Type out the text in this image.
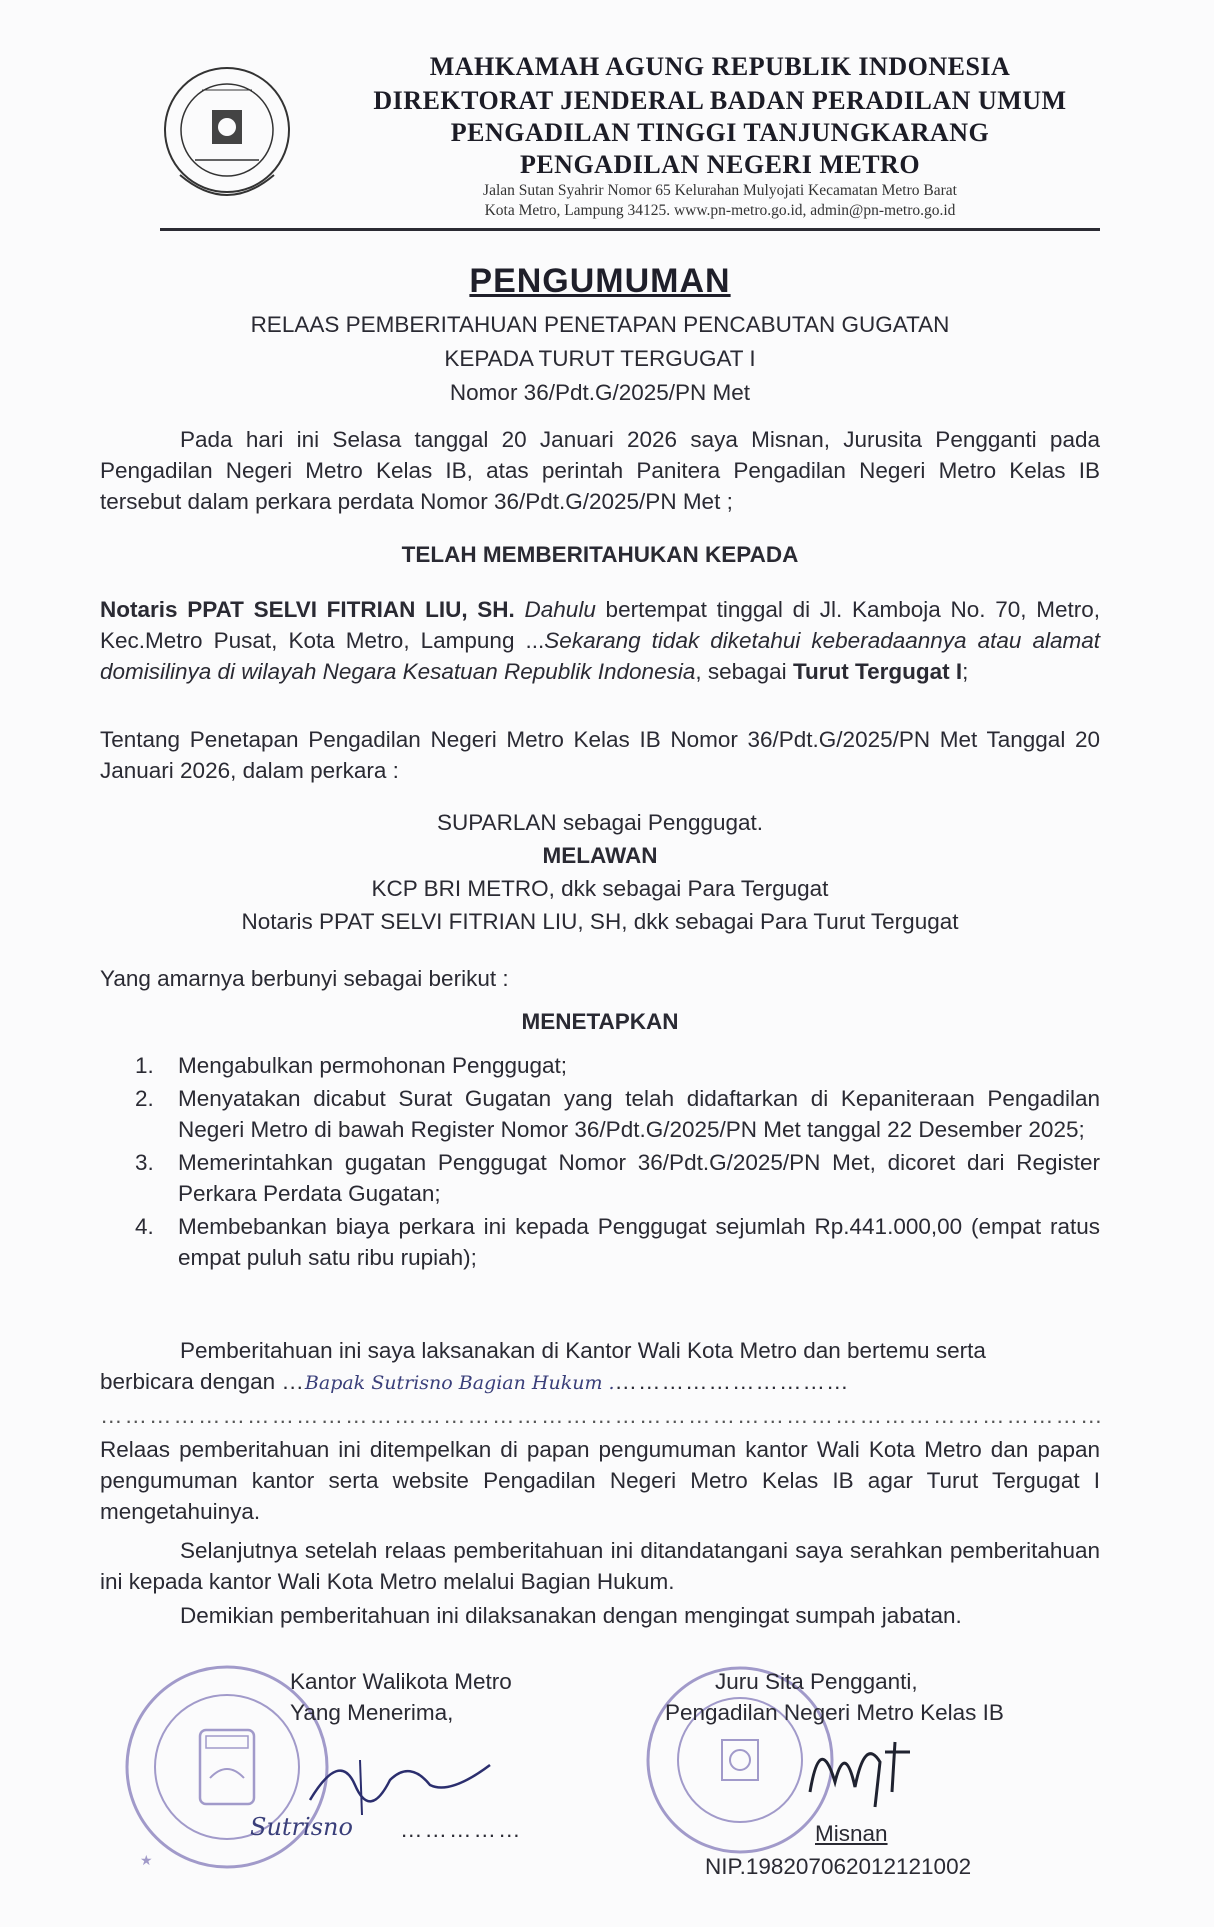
MAHKAMAH AGUNG REPUBLIK INDONESIA
DIREKTORAT JENDERAL BADAN PERADILAN UMUM
PENGADILAN TINGGI TANJUNGKARANG
PENGADILAN NEGERI METRO
Jalan Sutan Syahrir Nomor 65 Kelurahan Mulyojati Kecamatan Metro Barat
Kota Metro, Lampung 34125. www.pn-metro.go.id, admin@pn-metro.go.id
PENGUMUMAN
RELAAS PEMBERITAHUAN PENETAPAN PENCABUTAN GUGATAN
KEPADA TURUT TERGUGAT I
Nomor 36/Pdt.G/2025/PN Met
Pada hari ini Selasa tanggal 20 Januari 2026 saya Misnan, Jurusita Pengganti pada Pengadilan Negeri Metro Kelas IB, atas perintah Panitera Pengadilan Negeri Metro Kelas IB tersebut dalam perkara perdata Nomor 36/Pdt.G/2025/PN Met ;
TELAH MEMBERITAHUKAN KEPADA
Notaris PPAT SELVI FITRIAN LIU, SH. Dahulu bertempat tinggal di Jl. Kamboja No. 70, Metro, Kec.Metro Pusat, Kota Metro, Lampung ...Sekarang tidak diketahui keberadaannya atau alamat domisilinya di wilayah Negara Kesatuan Republik Indonesia, sebagai Turut Tergugat I;
Tentang Penetapan Pengadilan Negeri Metro Kelas IB Nomor 36/Pdt.G/2025/PN Met Tanggal 20 Januari 2026, dalam perkara :
SUPARLAN sebagai Penggugat.
MELAWAN
KCP BRI METRO, dkk sebagai Para Tergugat
Notaris PPAT SELVI FITRIAN LIU, SH, dkk sebagai Para Turut Tergugat
Yang amarnya berbunyi sebagai berikut :
MENETAPKAN
1. Mengabulkan permohonan Penggugat;
2. Menyatakan dicabut Surat Gugatan yang telah didaftarkan di Kepaniteraan Pengadilan Negeri Metro di bawah Register Nomor 36/Pdt.G/2025/PN Met tanggal 22 Desember 2025;
3. Memerintahkan gugatan Penggugat Nomor 36/Pdt.G/2025/PN Met, dicoret dari Register Perkara Perdata Gugatan;
4. Membebankan biaya perkara ini kepada Penggugat sejumlah Rp.441.000,00 (empat ratus empat puluh satu ribu rupiah);
Pemberitahuan ini saya laksanakan di Kantor Wali Kota Metro dan bertemu serta
berbicara dengan …Bapak Sutrisno Bagian Hukum .…………………………
……………………………………………………………………………………………………………
Relaas pemberitahuan ini ditempelkan di papan pengumuman kantor Wali Kota Metro dan papan pengumuman kantor serta website Pengadilan Negeri Metro Kelas IB agar Turut Tergugat I mengetahuinya.
Selanjutnya setelah relaas pemberitahuan ini ditandatangani saya serahkan pemberitahuan ini kepada kantor Wali Kota Metro melalui Bagian Hukum.
Demikian pemberitahuan ini dilaksanakan dengan mengingat sumpah jabatan.
★
Kantor Walikota Metro
Yang Menerima,
Sutrisno ……………
Juru Sita Pengganti,
Pengadilan Negeri Metro Kelas IB
Misnan
NIP.198207062012121002
